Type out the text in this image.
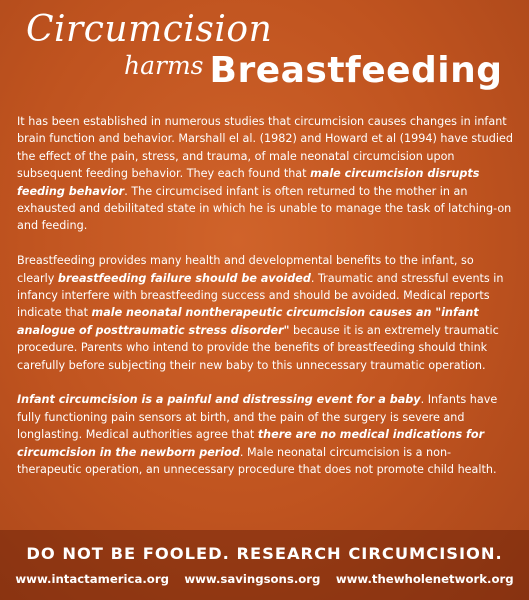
Circumcision
harms Breastfeeding

It has been established in numerous studies that circumcision causes changes in infant brain function and behavior. Marshall el al. (1982) and Howard et al (1994) have studied the effect of the pain, stress, and trauma, of male neonatal circumcision upon subsequent feeding behavior. They each found that male circumcision disrupts feeding behavior. The circumcised infant is often returned to the mother in an exhausted and debilitated state in which he is unable to manage the task of latching-on and feeding.

Breastfeeding provides many health and developmental benefits to the infant, so clearly breastfeeding failure should be avoided. Traumatic and stressful events in infancy interfere with breastfeeding success and should be avoided. Medical reports indicate that male neonatal nontherapeutic circumcision causes an "infant analogue of posttraumatic stress disorder" because it is an extremely traumatic procedure. Parents who intend to provide the benefits of breastfeeding should think carefully before subjecting their new baby to this unnecessary traumatic operation.

Infant circumcision is a painful and distressing event for a baby. Infants have fully functioning pain sensors at birth, and the pain of the surgery is severe and longlasting. Medical authorities agree that there are no medical indications for circumcision in the newborn period. Male neonatal circumcision is a non-therapeutic operation, an unnecessary procedure that does not promote child health.

DO NOT BE FOOLED. RESEARCH CIRCUMCISION.
www.intactamerica.org www.savingsons.org www.thewholenetwork.org
